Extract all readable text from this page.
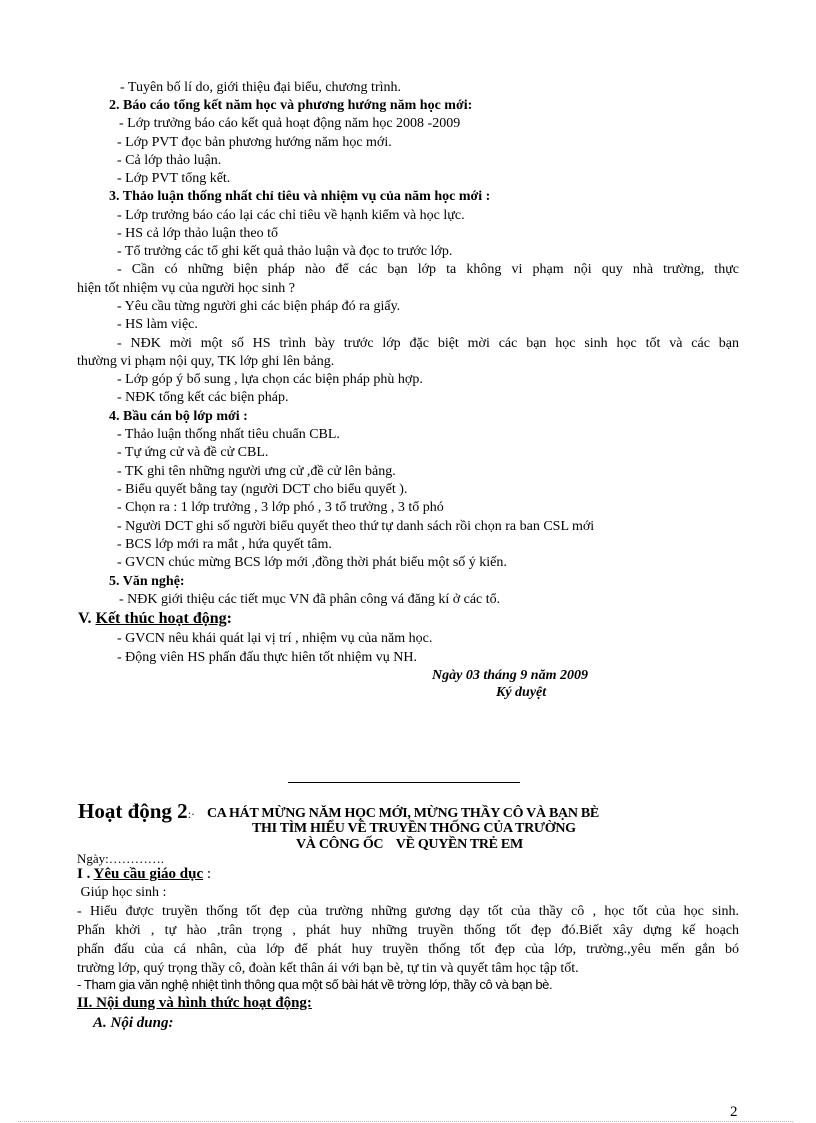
- Tuyên bố lí do, giới thiệu đại biểu, chương trình.
2. Báo cáo tổng kết năm học và phương hướng năm học mới:
- Lớp trưởng báo cáo kết quả hoạt động năm học 2008 -2009
- Lớp PVT đọc bản phương hướng năm học mới.
- Cả lớp thảo luận.
- Lớp PVT tổng kết.
3. Thảo luận thống nhất chỉ tiêu và nhiệm vụ của năm học mới :
- Lớp trưởng báo cáo lại các chỉ tiêu về hạnh kiểm và học lực.
- HS cả lớp thảo luận theo tổ
- Tổ trưởng các tổ ghi kết quả thảo luận và đọc to trước lớp.
- Cần có những biện pháp nào để các bạn lớp ta không vi phạm nội quy nhà trường, thực
hiện tốt nhiệm vụ của người học sinh ?
- Yêu cầu từng người ghi các biện pháp đó ra giấy.
- HS làm việc.
- NĐK mời một số HS trình bày trước lớp đặc biệt mời các bạn học sinh học tốt và các bạn
thường vi phạm nội quy, TK lớp ghi lên bảng.
- Lớp góp ý bổ sung , lựa chọn các biện pháp phù hợp.
- NĐK tổng kết các biện pháp.
4. Bầu cán bộ lớp mới :
- Thảo luận thống nhất tiêu chuẩn CBL.
- Tự ứng cử và đề cử CBL.
- TK ghi tên những người ưng cử ,đề cử lên bảng.
- Biểu quyết bằng tay (người DCT cho biểu quyết ).
- Chọn ra : 1 lớp trưởng , 3 lớp phó , 3 tổ trưởng , 3 tổ phó
- Người DCT ghi số người biểu quyết theo thứ tự danh sách rồi chọn ra ban CSL mới
- BCS lớp mới ra mắt , hứa quyết tâm.
- GVCN chúc mừng BCS lớp mới ,đồng thời phát biểu một số ý kiến.
5. Văn nghệ:
- NĐK giới thiệu các tiết mục VN đã phân công vá đăng kí ở các tổ.
V. Kết thúc hoạt động:
- GVCN nêu khái quát lại vị trí , nhiệm vụ của năm học.
- Động viên HS phấn đấu thực hiên tốt nhiệm vụ NH.
Ngày 03 tháng 9 năm 2009
Ký duyệt
Hoạt động 2:· CA HÁT MỪNG NĂM HỌC MỚI, MỪNG THẦY CÔ VÀ BẠN BÈ
THI TÌM HIỂU VỀ TRUYỀN THỐNG CỦA TRƯỜNG
VÀ CÔNG ỐC    VỀ QUYỀN TRẺ EM
Ngày:………….
I . Yêu cầu giáo dục :
Giúp học sinh :
- Hiểu được truyền thống tốt đẹp của trường những gương dạy tốt của thầy cô , học tốt của học sinh.
Phấn khởi , tự hào ,trân trọng , phát huy những truyền thống tốt đẹp đó.Biết xây dựng kế hoạch
phấn đấu của cá nhân, của lớp để phát huy truyền thống tốt đẹp của lớp, trường.,yêu mến gắn bó
trường lớp, quý trọng thầy cô, đoàn kết thân ái với bạn bè, tự tin và quyết tâm học tập tốt.
- Tham gia văn nghệ nhiệt tình thông qua một số bài hát về trờng lớp, thầy cô và bạn bè.
II. Nội dung và hình thức hoạt động:
A. Nội dung:
2
